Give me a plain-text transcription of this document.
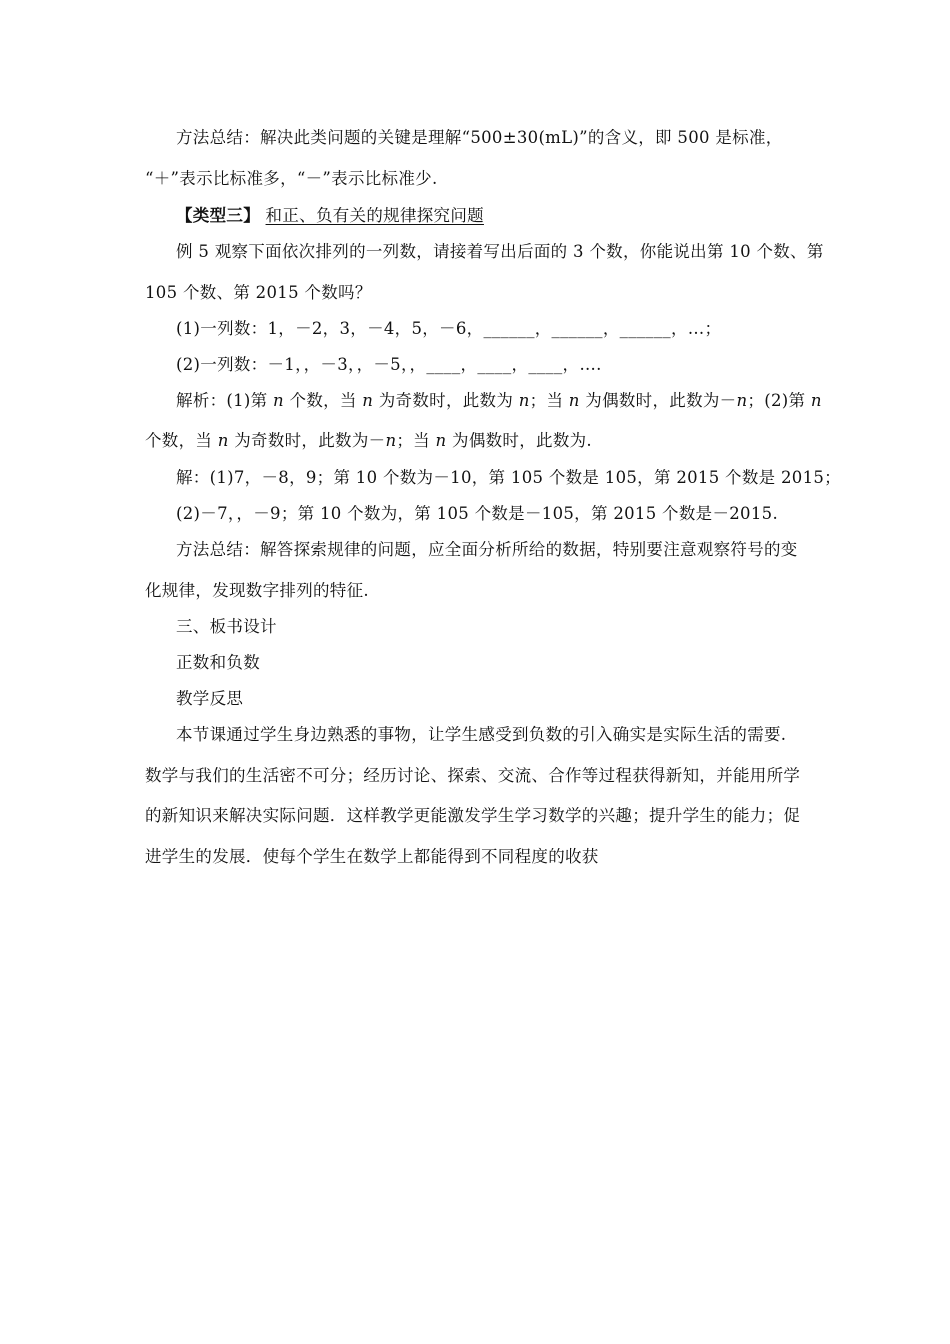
方法总结：解决此类问题的关键是理解“500±30(mL)”的含义，即 500 是标准，
“＋”表示比标准多，“－”表示比标准少.
【类型三】 和正、负有关的规律探究问题
例 5 观察下面依次排列的一列数，请接着写出后面的 3 个数，你能说出第 10 个数、第
105 个数、第 2015 个数吗？
(1)一列数：1，－2，3，－4，5，－6，______，______，______，…；
(2)一列数：－1，，－3，，－5，，____，____，____，….
解析：(1)第 n 个数，当 n 为奇数时，此数为 n；当 n 为偶数时，此数为－n；(2)第 n
个数，当 n 为奇数时，此数为－n；当 n 为偶数时，此数为.
解：(1)7，－8，9；第 10 个数为－10，第 105 个数是 105，第 2015 个数是 2015；
(2)－7，，－9；第 10 个数为，第 105 个数是－105，第 2015 个数是－2015.
方法总结：解答探索规律的问题，应全面分析所给的数据，特别要注意观察符号的变
化规律，发现数字排列的特征.
三、板书设计
正数和负数
教学反思
本节课通过学生身边熟悉的事物，让学生感受到负数的引入确实是实际生活的需要.
数学与我们的生活密不可分；经历讨论、探索、交流、合作等过程获得新知，并能用所学
的新知识来解决实际问题．这样教学更能激发学生学习数学的兴趣；提升学生的能力；促
进学生的发展．使每个学生在数学上都能得到不同程度的收获
